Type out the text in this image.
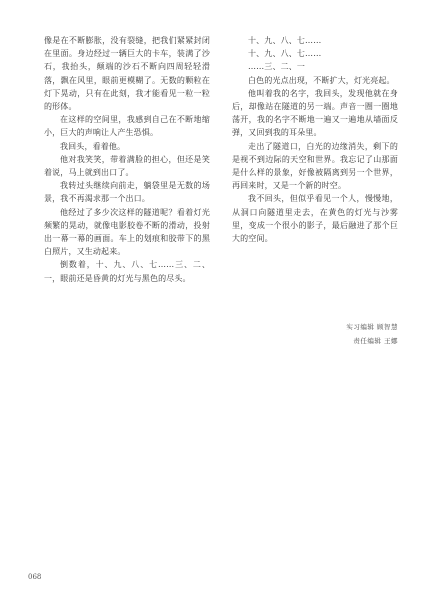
像是在不断膨胀，没有裂缝，把我们紧紧封闭在里面。身边经过一辆巨大的卡车，装满了沙石，我抬头，颠端的沙石不断向四周轻轻滑落，飘在风里，眼前更模糊了。无数的颗粒在灯下晃动，只有在此刻，我才能看见一粒一粒的形体。

在这样的空间里，我感到自己在不断地缩小，巨大的声响让人产生恐惧。

我回头，看着他。

他对我笑笑，带着满脸的担心，但还是笑着说，马上就到出口了。

我转过头继续向前走，躺袋里是无数的场景，我不再渴求那一个出口。

他经过了多少次这样的隧道呢？看着灯光频繁的晃动，就像电影胶卷不断的滑动，投射出一幕一幕的画面。车上的划痕和胶带下的黑白照片，又生动起来。

倒数着，十、九、八、七……三、二、一，眼前还是昏黄的灯光与黑色的尽头。

十、九、八、七……

十、九、八、七……

……三、二、一

白色的光点出现，不断扩大，灯光亮起。

他叫着我的名字，我回头，发现他就在身后，却像站在隧道的另一端。声音一圈一圈地荡开，我的名字不断地一遍又一遍地从墙面反弹，又回到我的耳朵里。

走出了隧道口，白光的边缘消失，剩下的是视不到边际的天空和世界。我忘记了山那面是什么样的景象，好像被隔离到另一个世界，再回来时，又是一个新的时空。

我不回头，但似乎看见一个人，慢慢地，从洞口向隧道里走去，在黄色的灯光与沙雾里，变成一个很小的影子，最后融进了那个巨大的空间。

实习编辑 顾智慧
责任编辑 王娜
068
